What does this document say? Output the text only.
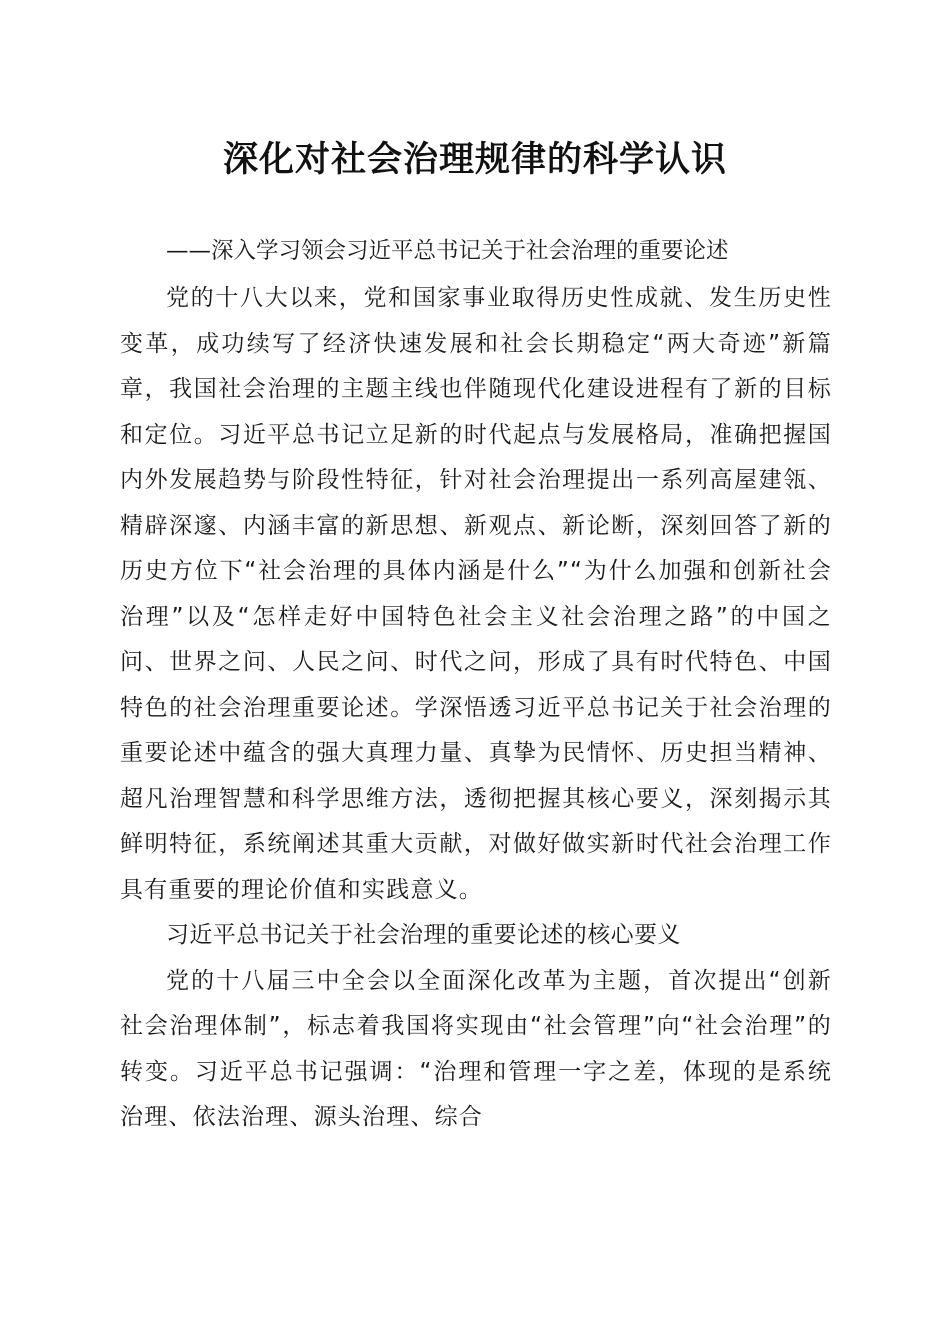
深化对社会治理规律的科学认识

——深入学习领会习近平总书记关于社会治理的重要论述

党的十八大以来，党和国家事业取得历史性成就、发生历史性变革，成功续写了经济快速发展和社会长期稳定“两大奇迹”新篇章，我国社会治理的主题主线也伴随现代化建设进程有了新的目标和定位。习近平总书记立足新的时代起点与发展格局，准确把握国内外发展趋势与阶段性特征，针对社会治理提出一系列高屋建瓴、精辟深邃、内涵丰富的新思想、新观点、新论断，深刻回答了新的历史方位下“社会治理的具体内涵是什么”“为什么加强和创新社会治理”以及“怎样走好中国特色社会主义社会治理之路”的中国之问、世界之问、人民之问、时代之问，形成了具有时代特色、中国特色的社会治理重要论述。学深悟透习近平总书记关于社会治理的重要论述中蕴含的强大真理力量、真挚为民情怀、历史担当精神、超凡治理智慧和科学思维方法，透彻把握其核心要义，深刻揭示其鲜明特征，系统阐述其重大贡献，对做好做实新时代社会治理工作具有重要的理论价值和实践意义。

习近平总书记关于社会治理的重要论述的核心要义

党的十八届三中全会以全面深化改革为主题，首次提出“创新社会治理体制”，标志着我国将实现由“社会管理”向“社会治理”的转变。习近平总书记强调：“治理和管理一字之差，体现的是系统治理、依法治理、源头治理、综合
